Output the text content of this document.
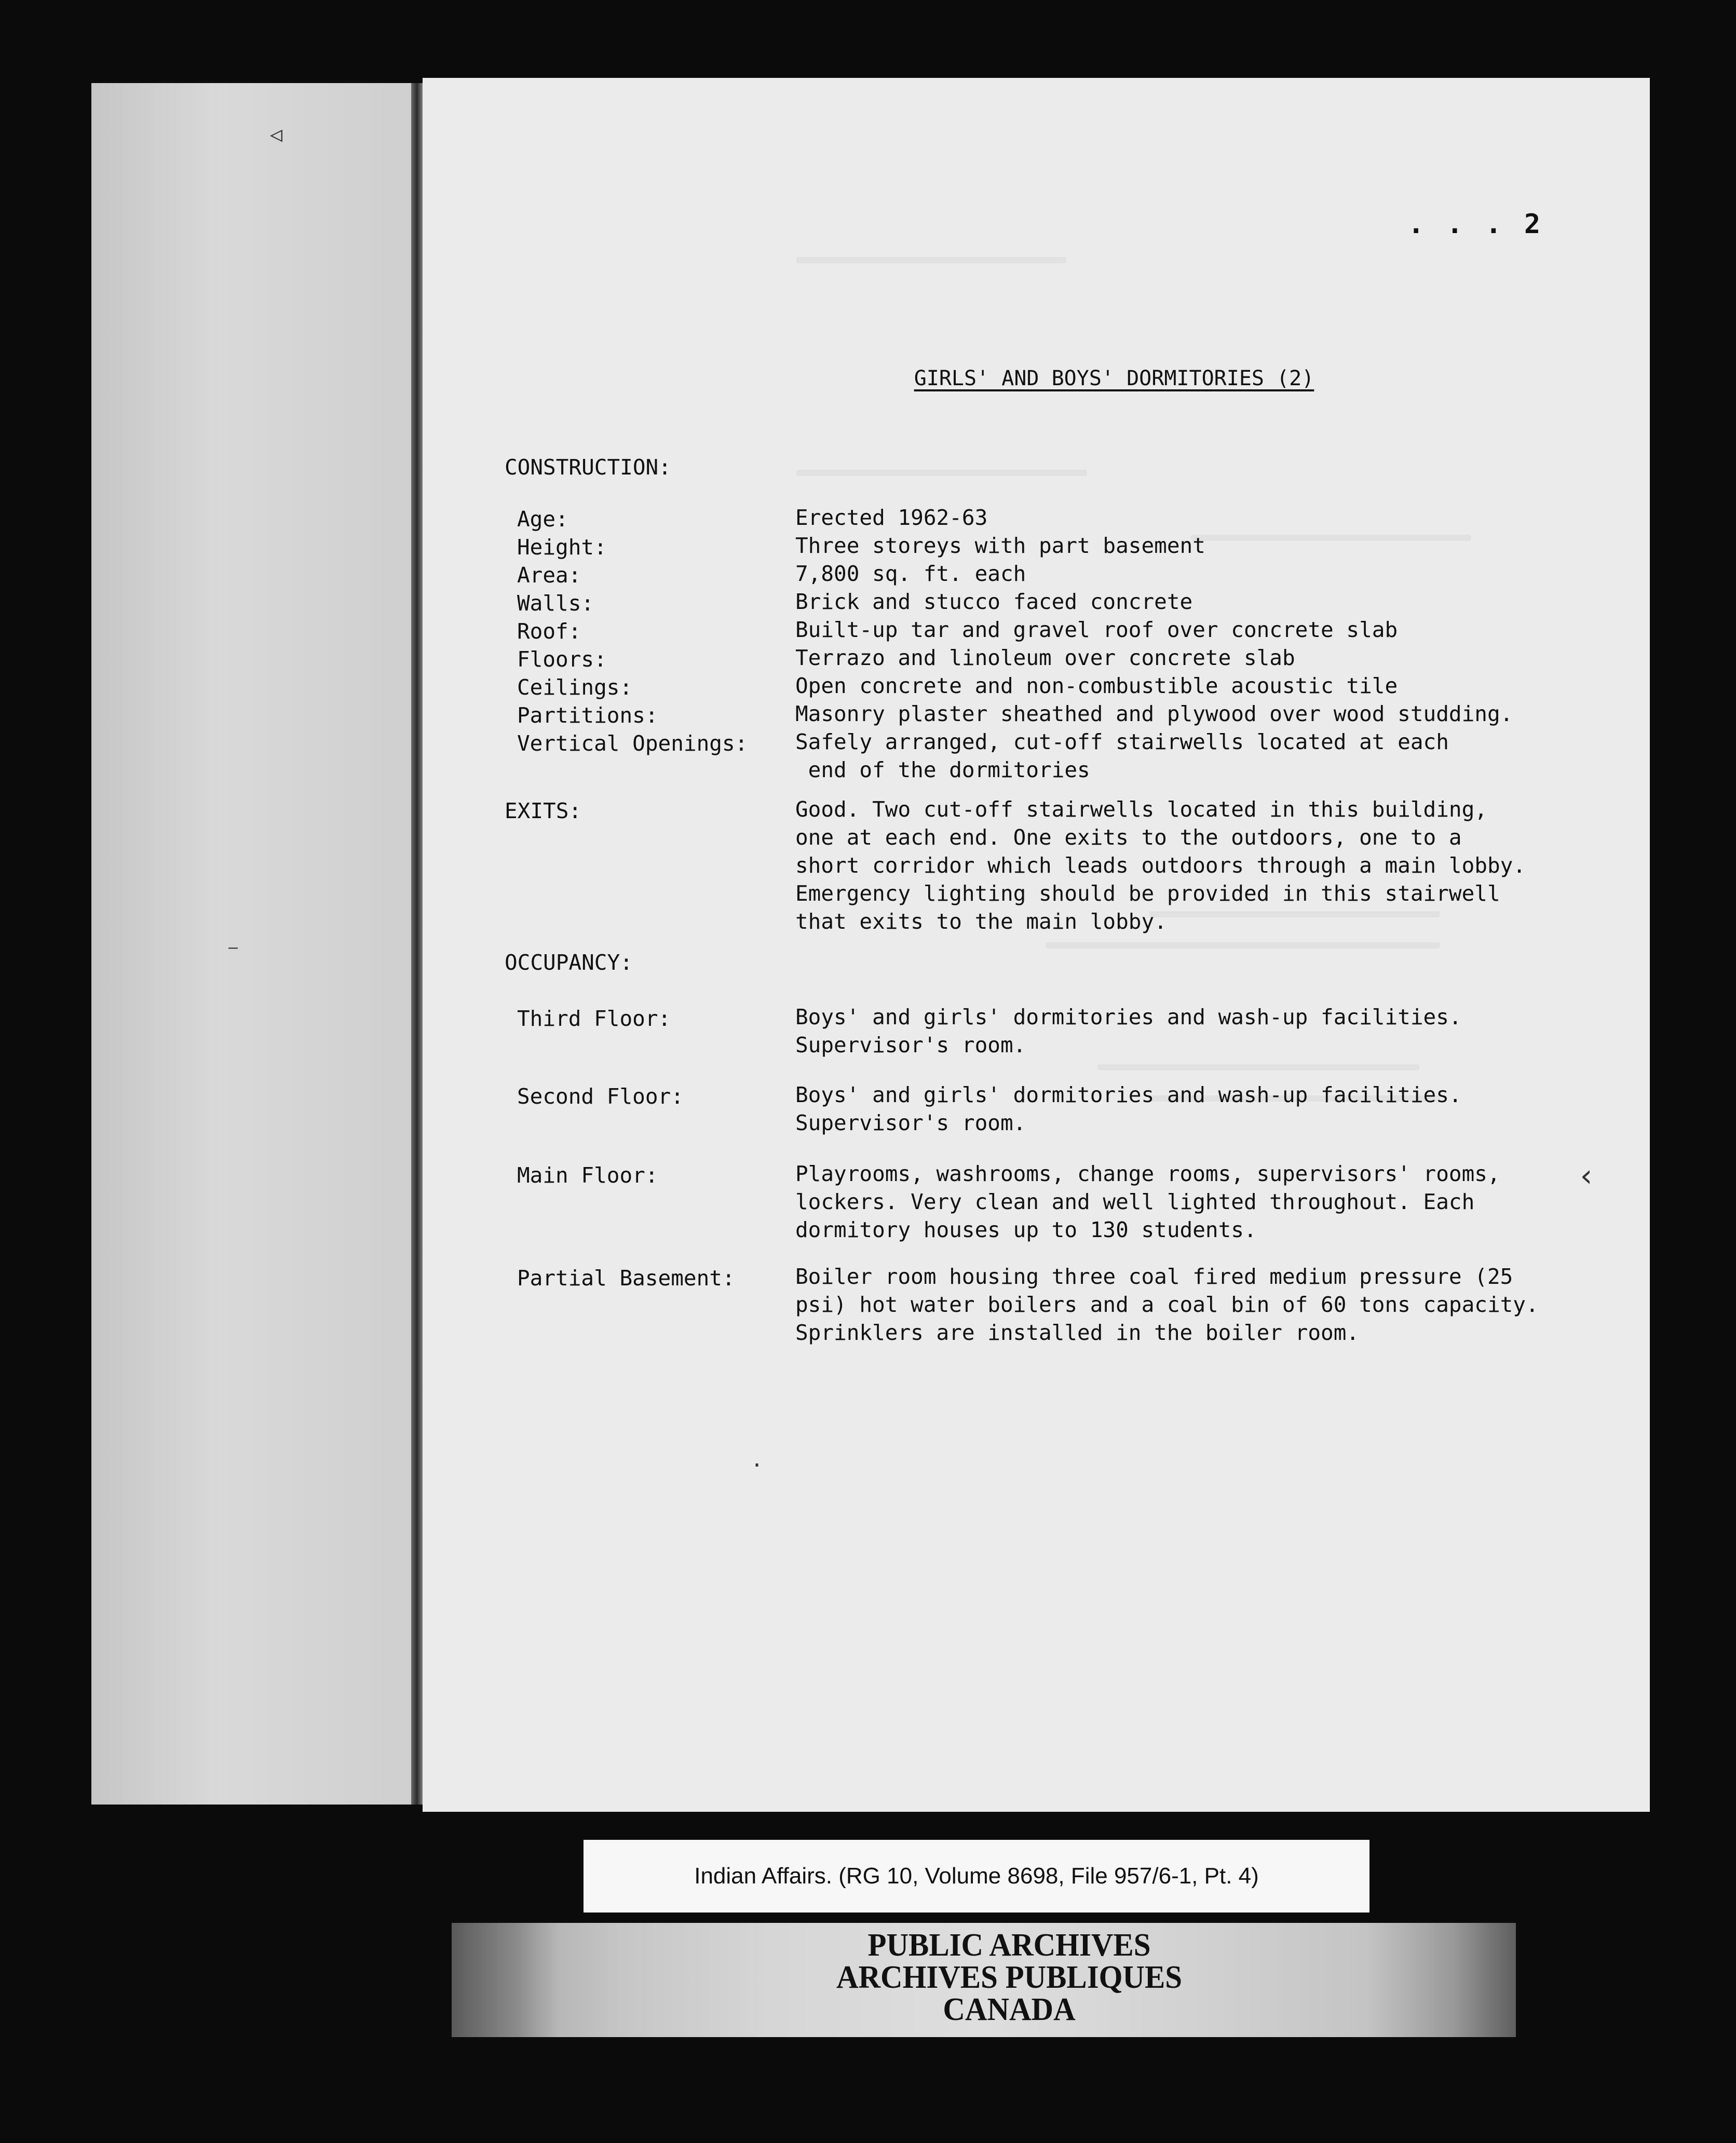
. . . 2
GIRLS' AND BOYS' DORMITORIES (2)
CONSTRUCTION:
Age:	Erected 1962-63
Height:	Three storeys with part basement
Area:	7,800 sq. ft. each
Walls:	Brick and stucco faced concrete
Roof:	Built-up tar and gravel roof over concrete slab
Floors:	Terrazo and linoleum over concrete slab
Ceilings:	Open concrete and non-combustible acoustic tile
Partitions:	Masonry plaster sheathed and plywood over wood studding.
Vertical Openings: Safely arranged, cut-off stairwells located at each
end of the dormitories
EXITS:	Good. Two cut-off stairwells located in this building,
one at each end. One exits to the outdoors, one to a
short corridor which leads outdoors through a main lobby.
Emergency lighting should be provided in this stairwell
that exits to the main lobby.
OCCUPANCY:
Third Floor:	Boys' and girls' dormitories and wash-up facilities.
Supervisor's room.
Second Floor:	Boys' and girls' dormitories and wash-up facilities.
Supervisor's room.
Main Floor:	Playrooms, washrooms, change rooms, supervisors' rooms,
lockers. Very clean and well lighted throughout. Each
dormitory houses up to 130 students.
Partial Basement:	Boiler room housing three coal fired medium pressure (25
psi) hot water boilers and a coal bin of 60 tons capacity.
Sprinklers are installed in the boiler room.
‹
·
◁
—
Indian Affairs. (RG 10, Volume 8698, File 957/6-1, Pt. 4)
PUBLIC ARCHIVES
ARCHIVES PUBLIQUES
CANADA
